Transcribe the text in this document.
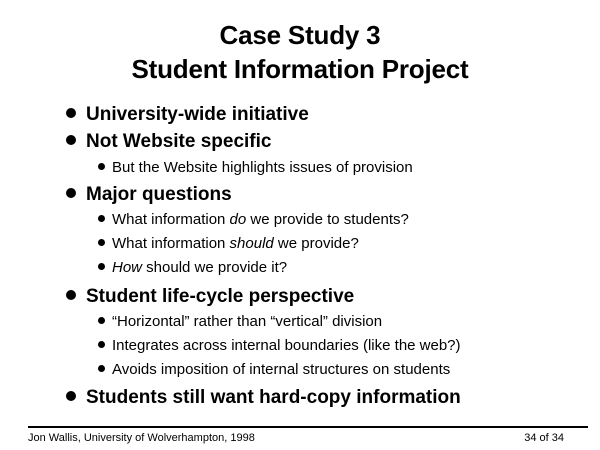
Case Study 3
Student Information Project
University-wide initiative
Not Website specific
But the Website highlights issues of provision
Major questions
What information do we provide to students?
What information should we provide?
How should we provide it?
Student life-cycle perspective
“Horizontal” rather than “vertical” division
Integrates across internal boundaries (like the web?)
Avoids imposition of internal structures on students
Students still want hard-copy information
Jon Wallis, University of Wolverhampton, 1998	34 of 34
